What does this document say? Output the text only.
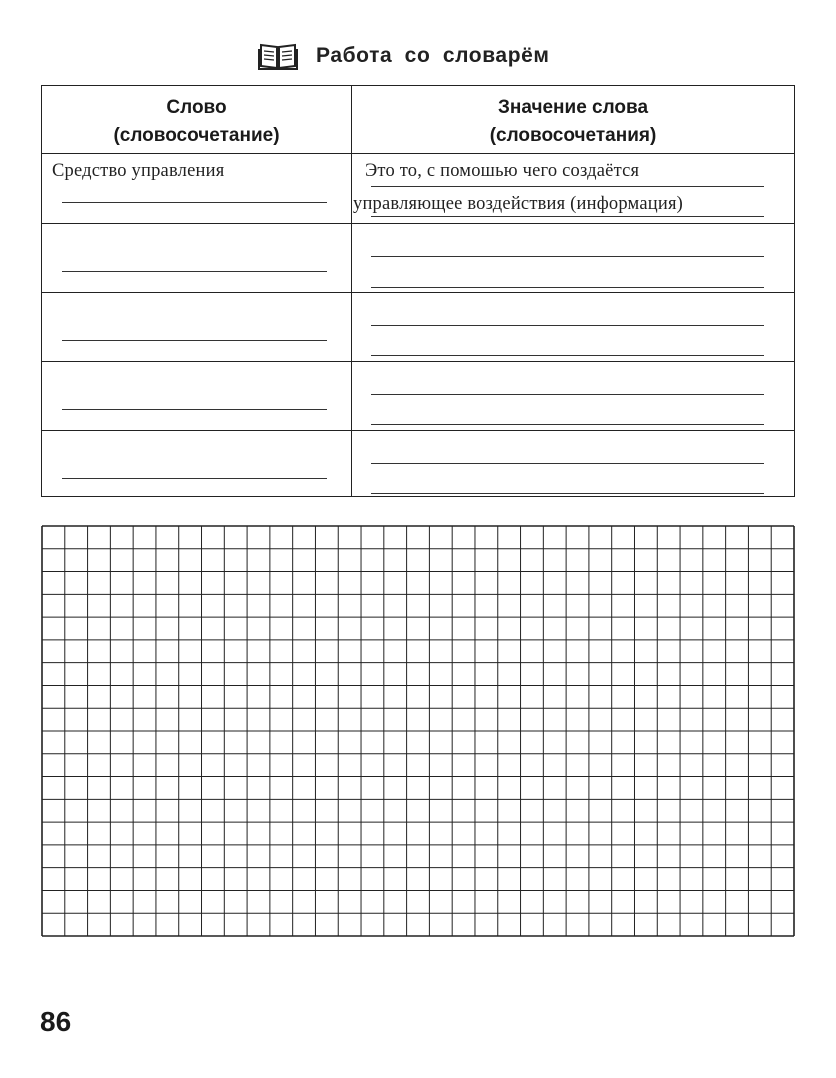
Работа со словарём
Слово
(словосочетание)
Значение слова
(словосочетания)
Средство управления	Это то, с помошью чего создаётся
управляющее воздействия (информация)
86
